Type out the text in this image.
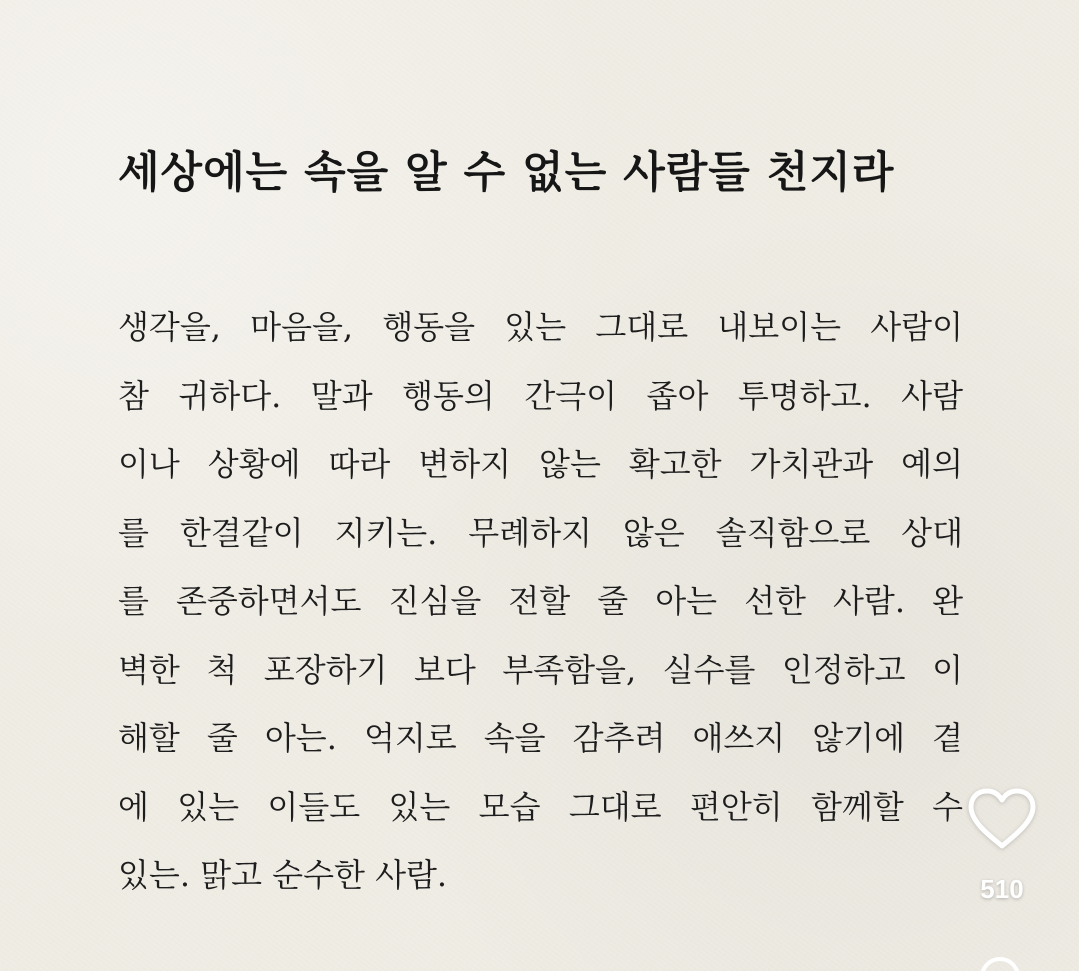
세상에는 속을 알 수 없는 사람들 천지라
생각을, 마음을, 행동을 있는 그대로 내보이는 사람이
참 귀하다. 말과 행동의 간극이 좁아 투명하고. 사람
이나 상황에 따라 변하지 않는 확고한 가치관과 예의
를 한결같이 지키는. 무례하지 않은 솔직함으로 상대
를 존중하면서도 진심을 전할 줄 아는 선한 사람. 완
벽한 척 포장하기 보다 부족함을, 실수를 인정하고 이
해할 줄 아는. 억지로 속을 감추려 애쓰지 않기에 곁
에 있는 이들도 있는 모습 그대로 편안히 함께할 수
있는. 맑고 순수한 사람.	510
